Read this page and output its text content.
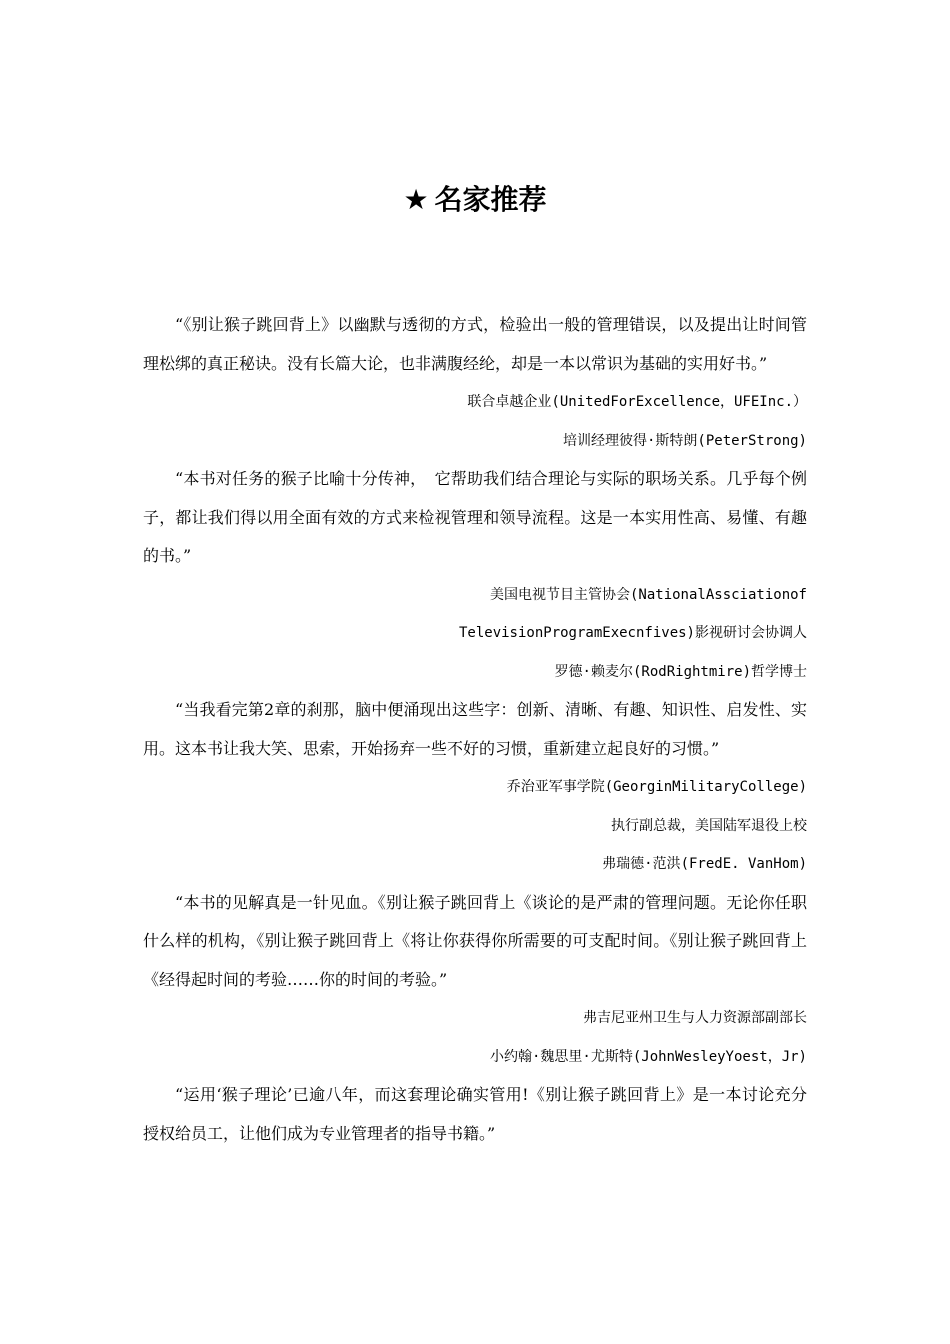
★ 名家推荐

“《别让猴子跳回背上》以幽默与透彻的方式，检验出一般的管理错误，以及提出让时间管理松绑的真正秘诀。没有长篇大论，也非满腹经纶，却是一本以常识为基础的实用好书。”

联合卓越企业(UnitedForExcellence，UFEInc.）

培训经理彼得·斯特朗(PeterStrong)

“本书对任务的猴子比喻十分传神，　它帮助我们结合理论与实际的职场关系。几乎每个例子，都让我们得以用全面有效的方式来检视管理和领导流程。这是一本实用性高、易懂、有趣的书。”

美国电视节目主管协会(NationalAssciationof

TelevisionProgramExecnfives)影视研讨会协调人

罗德·赖麦尔(RodRightmire)哲学博士

“当我看完第2章的刹那，脑中便涌现出这些字：创新、清晰、有趣、知识性、启发性、实用。这本书让我大笑、思索，开始扬弃一些不好的习惯，重新建立起良好的习惯。”

乔治亚军事学院(GeorginMilitaryCollege)

执行副总裁，美国陆军退役上校

弗瑞德·范洪(FredE. VanHom)

“本书的见解真是一针见血。《别让猴子跳回背上《谈论的是严肃的管理问题。无论你任职什么样的机构，《别让猴子跳回背上《将让你获得你所需要的可支配时间。《别让猴子跳回背上《经得起时间的考验……你的时间的考验。”

弗吉尼亚州卫生与人力资源部副部长

小约翰·魏思里·尤斯特(JohnWesleyYoest，Jr)

“运用‘猴子理论’已逾八年，而这套理论确实管用!《别让猴子跳回背上》是一本讨论充分授权给员工，让他们成为专业管理者的指导书籍。”
